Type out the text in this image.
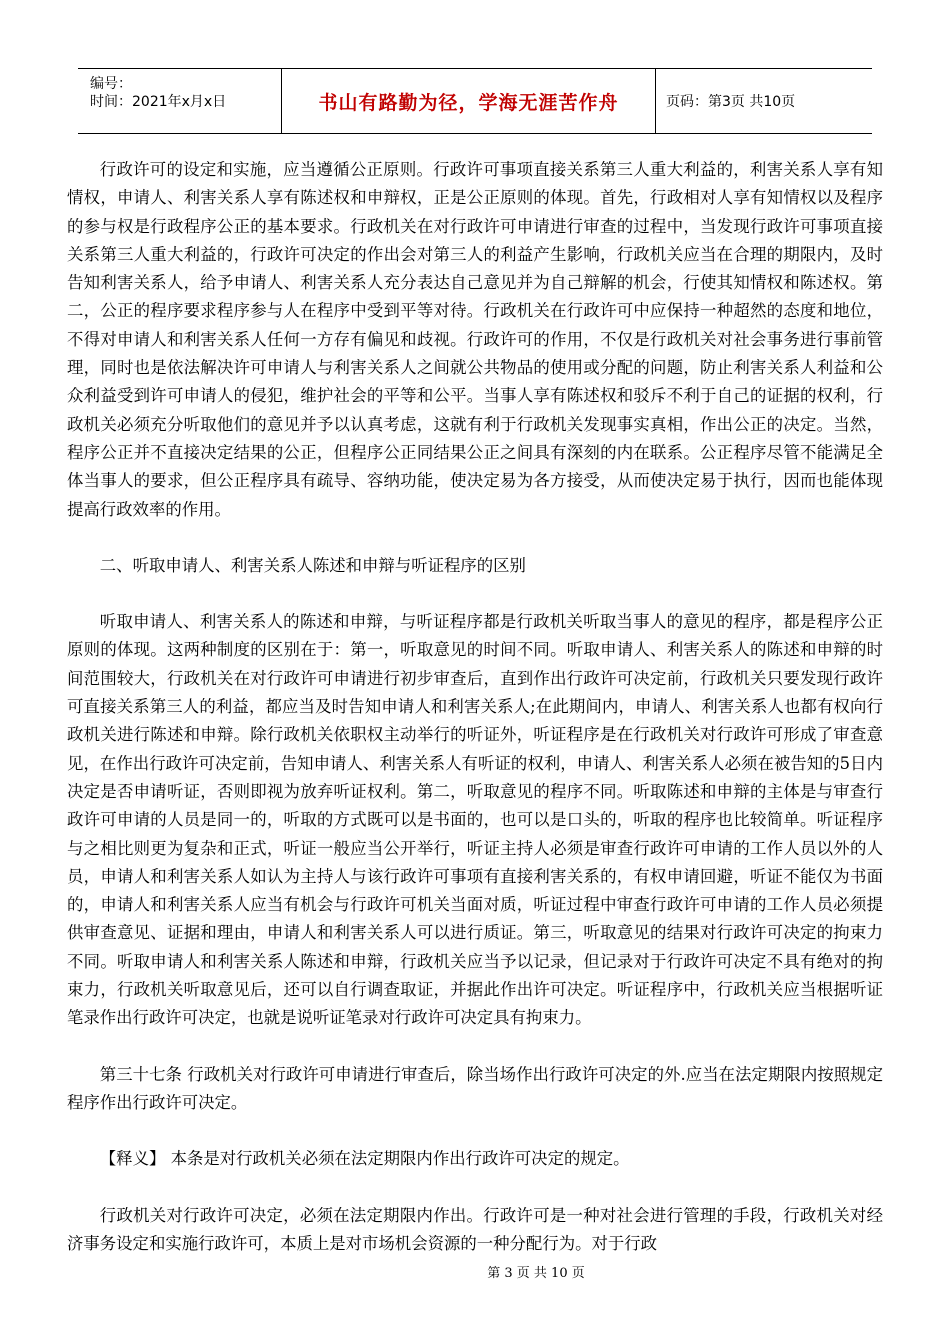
编号：
时间：2021年x月x日	书山有路勤为径，学海无涯苦作舟	页码：第3页 共10页

行政许可的设定和实施，应当遵循公正原则。行政许可事项直接关系第三人重大利益的，利害关系人享有知情权，申请人、利害关系人享有陈述权和申辩权，正是公正原则的体现。首先，行政相对人享有知情权以及程序的参与权是行政程序公正的基本要求。行政机关在对行政许可申请进行审查的过程中，当发现行政许可事项直接关系第三人重大利益的，行政许可决定的作出会对第三人的利益产生影响，行政机关应当在合理的期限内，及时告知利害关系人，给予申请人、利害关系人充分表达自己意见并为自己辩解的机会，行使其知情权和陈述权。第二，公正的程序要求程序参与人在程序中受到平等对待。行政机关在行政许可中应保持一种超然的态度和地位，不得对申请人和利害关系人任何一方存有偏见和歧视。行政许可的作用，不仅是行政机关对社会事务进行事前管理，同时也是依法解决许可申请人与利害关系人之间就公共物品的使用或分配的问题，防止利害关系人利益和公众利益受到许可申请人的侵犯，维护社会的平等和公平。当事人享有陈述权和驳斥不利于自己的证据的权利，行政机关必须充分听取他们的意见并予以认真考虑，这就有利于行政机关发现事实真相，作出公正的决定。当然，程序公正并不直接决定结果的公正，但程序公正同结果公正之间具有深刻的内在联系。公正程序尽管不能满足全体当事人的要求，但公正程序具有疏导、容纳功能，使决定易为各方接受，从而使决定易于执行，因而也能体现提高行政效率的作用。

二、听取申请人、利害关系人陈述和申辩与听证程序的区别

听取申请人、利害关系人的陈述和申辩，与听证程序都是行政机关听取当事人的意见的程序，都是程序公正原则的体现。这两种制度的区别在于：第一，听取意见的时间不同。听取申请人、利害关系人的陈述和申辩的时间范围较大，行政机关在对行政许可申请进行初步审查后，直到作出行政许可决定前，行政机关只要发现行政许可直接关系第三人的利益，都应当及时告知申请人和利害关系人;在此期间内，申请人、利害关系人也都有权向行政机关进行陈述和申辩。除行政机关依职权主动举行的听证外，听证程序是在行政机关对行政许可形成了审查意见，在作出行政许可决定前，告知申请人、利害关系人有听证的权利，申请人、利害关系人必须在被告知的5日内决定是否申请听证，否则即视为放弃听证权利。第二，听取意见的程序不同。听取陈述和申辩的主体是与审查行政许可申请的人员是同一的，听取的方式既可以是书面的，也可以是口头的，听取的程序也比较简单。听证程序与之相比则更为复杂和正式，听证一般应当公开举行，听证主持人必须是审查行政许可申请的工作人员以外的人员，申请人和利害关系人如认为主持人与该行政许可事项有直接利害关系的，有权申请回避，听证不能仅为书面的，申请人和利害关系人应当有机会与行政许可机关当面对质，听证过程中审查行政许可申请的工作人员必须提供审查意见、证据和理由，申请人和利害关系人可以进行质证。第三，听取意见的结果对行政许可决定的拘束力不同。听取申请人和利害关系人陈述和申辩，行政机关应当予以记录，但记录对于行政许可决定不具有绝对的拘束力，行政机关听取意见后，还可以自行调查取证，并据此作出许可决定。听证程序中，行政机关应当根据听证笔录作出行政许可决定，也就是说听证笔录对行政许可决定具有拘束力。

第三十七条 行政机关对行政许可申请进行审查后，除当场作出行政许可决定的外.应当在法定期限内按照规定程序作出行政许可决定。

【释义】 本条是对行政机关必须在法定期限内作出行政许可决定的规定。

行政机关对行政许可决定，必须在法定期限内作出。行政许可是一种对社会进行管理的手段，行政机关对经济事务设定和实施行政许可，本质上是对市场机会资源的一种分配行为。对于行政

第 3 页 共 10 页
